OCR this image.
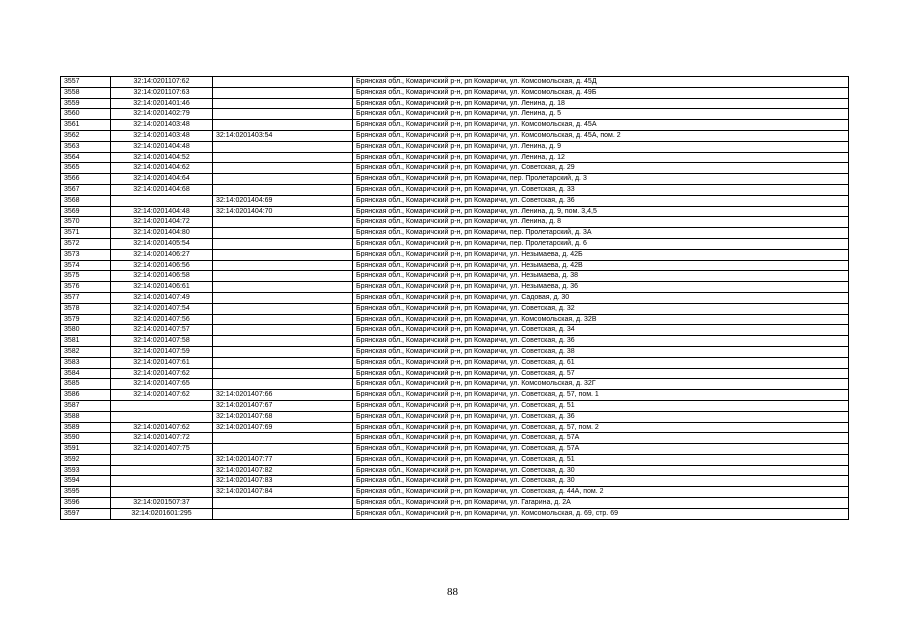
3557	32:14:0201107:62		Брянская обл., Комаричский р-н, рп Комаричи, ул. Комсомольская, д. 45Д
3558	32:14:0201107:63		Брянская обл., Комаричский р-н, рп Комаричи, ул. Комсомольская, д. 49Б
3559	32:14:0201401:46		Брянская обл., Комаричский р-н, рп Комаричи, ул. Ленина, д. 18
3560	32:14:0201402:79		Брянская обл., Комаричский р-н, рп Комаричи, ул. Ленина, д. 5
3561	32:14:0201403:48		Брянская обл., Комаричский р-н, рп Комаричи, ул. Комсомольская, д. 45А
3562	32:14:0201403:48	32:14:0201403:54	Брянская обл., Комаричский р-н, рп Комаричи, ул. Комсомольская, д. 45А, пом. 2
3563	32:14:0201404:48		Брянская обл., Комаричский р-н, рп Комаричи, ул. Ленина, д. 9
3564	32:14:0201404:52		Брянская обл., Комаричский р-н, рп Комаричи, ул. Ленина, д. 12
3565	32:14:0201404:62		Брянская обл., Комаричский р-н, рп Комаричи, ул. Советская, д. 29
3566	32:14:0201404:64		Брянская обл., Комаричский р-н, рп Комаричи, пер. Пролетарский, д. 3
3567	32:14:0201404:68		Брянская обл., Комаричский р-н, рп Комаричи, ул. Советская, д. 33
3568		32:14:0201404:69	Брянская обл., Комаричский р-н, рп Комаричи, ул. Советская, д. 36
3569	32:14:0201404:48	32:14:0201404:70	Брянская обл., Комаричский р-н, рп Комаричи, ул. Ленина, д. 9, пом. 3,4,5
3570	32:14:0201404:72		Брянская обл., Комаричский р-н, рп Комаричи, ул. Ленина, д. 8
3571	32:14:0201404:80		Брянская обл., Комаричский р-н, рп Комаричи, пер. Пролетарский, д. 3А
3572	32:14:0201405:54		Брянская обл., Комаричский р-н, рп Комаричи, пер. Пролетарский, д. 6
3573	32:14:0201406:27		Брянская обл., Комаричский р-н, рп Комаричи, ул. Незымаева, д. 42Б
3574	32:14:0201406:56		Брянская обл., Комаричский р-н, рп Комаричи, ул. Незымаева, д. 42В
3575	32:14:0201406:58		Брянская обл., Комаричский р-н, рп Комаричи, ул. Незымаева, д. 38
3576	32:14:0201406:61		Брянская обл., Комаричский р-н, рп Комаричи, ул. Незымаева, д. 36
3577	32:14:0201407:49		Брянская обл., Комаричский р-н, рп Комаричи, ул. Садовая, д. 30
3578	32:14:0201407:54		Брянская обл., Комаричский р-н, рп Комаричи, ул. Советская, д. 32
3579	32:14:0201407:56		Брянская обл., Комаричский р-н, рп Комаричи, ул. Комсомольская, д. 32В
3580	32:14:0201407:57		Брянская обл., Комаричский р-н, рп Комаричи, ул. Советская, д. 34
3581	32:14:0201407:58		Брянская обл., Комаричский р-н, рп Комаричи, ул. Советская, д. 36
3582	32:14:0201407:59		Брянская обл., Комаричский р-н, рп Комаричи, ул. Советская, д. 38
3583	32:14:0201407:61		Брянская обл., Комаричский р-н, рп Комаричи, ул. Советская, д. 61
3584	32:14:0201407:62		Брянская обл., Комаричский р-н, рп Комаричи, ул. Советская, д. 57
3585	32:14:0201407:65		Брянская обл., Комаричский р-н, рп Комаричи, ул. Комсомольская, д. 32Г
3586	32:14:0201407:62	32:14:0201407:66	Брянская обл., Комаричский р-н, рп Комаричи, ул. Советская, д. 57, пом. 1
3587		32:14:0201407:67	Брянская обл., Комаричский р-н, рп Комаричи, ул. Советская, д. 51
3588		32:14:0201407:68	Брянская обл., Комаричский р-н, рп Комаричи, ул. Советская, д. 36
3589	32:14:0201407:62	32:14:0201407:69	Брянская обл., Комаричский р-н, рп Комаричи, ул. Советская, д. 57, пом. 2
3590	32:14:0201407:72		Брянская обл., Комаричский р-н, рп Комаричи, ул. Советская, д. 57А
3591	32:14:0201407:75		Брянская обл., Комаричский р-н, рп Комаричи, ул. Советская, д. 57А
3592		32:14:0201407:77	Брянская обл., Комаричский р-н, рп Комаричи, ул. Советская, д. 51
3593		32:14:0201407:82	Брянская обл., Комаричский р-н, рп Комаричи, ул. Советская, д. 30
3594		32:14:0201407:83	Брянская обл., Комаричский р-н, рп Комаричи, ул. Советская, д. 30
3595		32:14:0201407:84	Брянская обл., Комаричский р-н, рп Комаричи, ул. Советская, д. 44А, пом. 2
3596	32:14:0201507:37		Брянская обл., Комаричский р-н, рп Комаричи, ул. Гагарина, д. 2А
3597	32:14:0201601:295		Брянская обл., Комаричский р-н, рп Комаричи, ул. Комсомольская, д. 69, стр. 69
88
